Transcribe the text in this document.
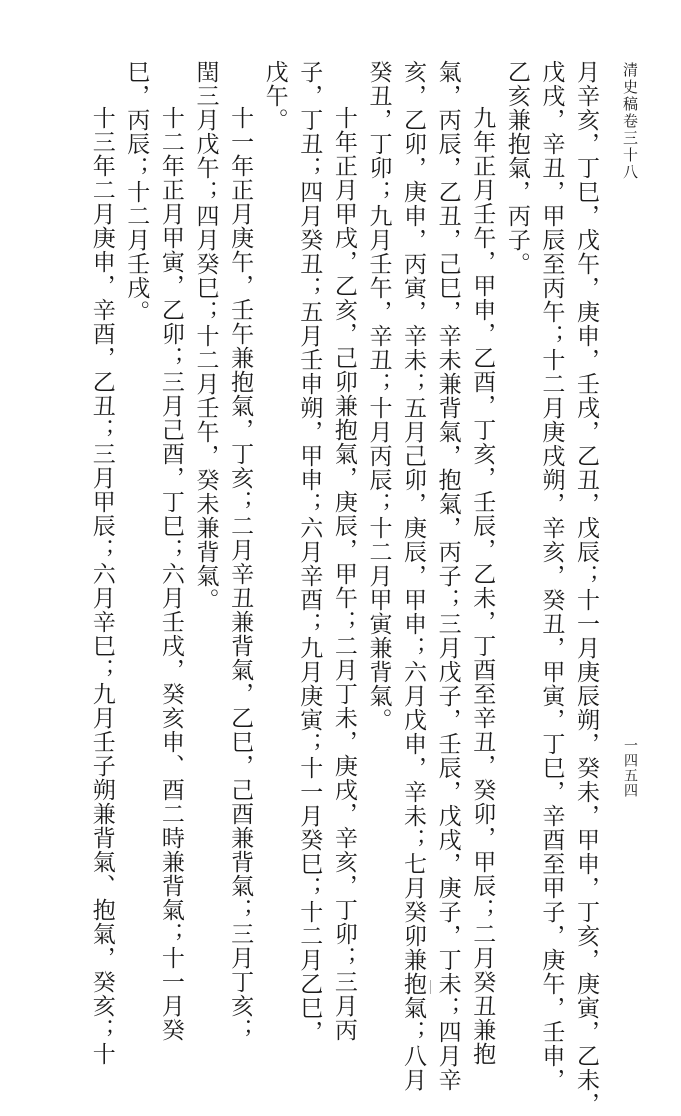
清史稿卷三十八
一四五四

月辛亥，丁巳，戊午，庚申，壬戌，乙丑，戊辰；十一月庚辰朔，癸未，甲申，丁亥，庚寅，乙未，

戊戌，辛丑，甲辰至丙午；十二月庚戌朔，辛亥，癸丑，甲寅，丁巳，辛酉至甲子，庚午，壬申，

乙亥兼抱氣，丙子。

九年正月壬午，甲申，乙酉，丁亥，壬辰，乙未，丁酉至辛丑，癸卯，甲辰；二月癸丑兼抱

氣，丙辰，乙丑，己巳，辛未兼背氣，抱氣，丙子；三月戊子，壬辰，戊戌，庚子，丁未；四月辛

亥，乙卯，庚申，丙寅，辛未；五月己卯，庚辰，甲申；六月戊申，辛未；七月癸卯兼抱氣；八月

癸丑，丁卯；九月壬午，辛丑；十月丙辰；十二月甲寅兼背氣。

十年正月甲戌，乙亥，己卯兼抱氣，庚辰，甲午；二月丁未，庚戌，辛亥，丁卯；三月丙

子，丁丑；四月癸丑；五月壬申朔，甲申；六月辛酉；九月庚寅；十一月癸巳；十二月乙巳，

戊午。

十一年正月庚午，壬午兼抱氣，丁亥；二月辛丑兼背氣，乙巳，己酉兼背氣；三月丁亥；

閏三月戊午；四月癸巳；十二月壬午，癸未兼背氣。

十二年正月甲寅，乙卯；三月己酉，丁巳；六月壬戌，癸亥申、酉二時兼背氣；十一月癸

巳，丙辰；十二月壬戌。

十三年二月庚申，辛酉，乙丑；三月甲辰；六月辛巳；九月壬子朔兼背氣、抱氣，癸亥；十
